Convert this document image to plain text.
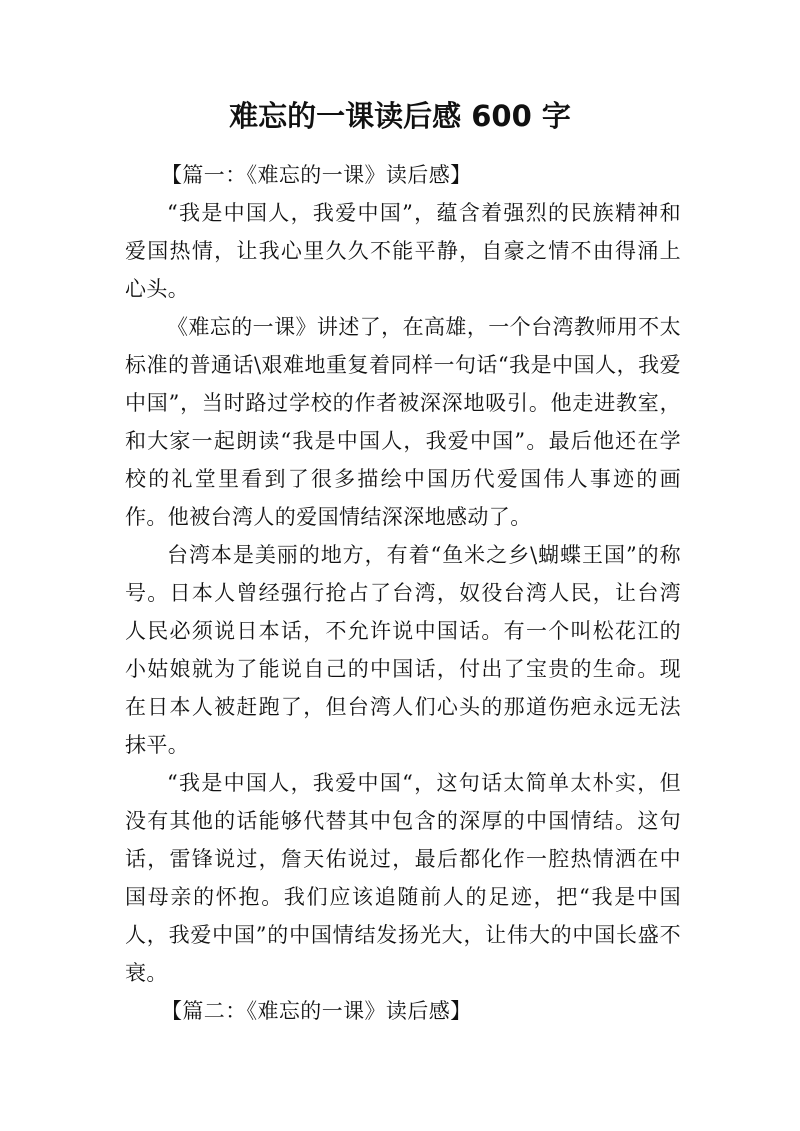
难忘的一课读后感 600 字

【篇一：《难忘的一课》读后感】

“我是中国人，我爱中国”，蕴含着强烈的民族精神和爱国热情，让我心里久久不能平静，自豪之情不由得涌上心头。

《难忘的一课》讲述了，在高雄，一个台湾教师用不太标准的普通话\艰难地重复着同样一句话“我是中国人，我爱中国”，当时路过学校的作者被深深地吸引。他走进教室，和大家一起朗读“我是中国人，我爱中国”。最后他还在学校的礼堂里看到了很多描绘中国历代爱国伟人事迹的画作。他被台湾人的爱国情结深深地感动了。

台湾本是美丽的地方，有着“鱼米之乡\蝴蝶王国”的称号。日本人曾经强行抢占了台湾，奴役台湾人民，让台湾人民必须说日本话，不允许说中国话。有一个叫松花江的小姑娘就为了能说自己的中国话，付出了宝贵的生命。现在日本人被赶跑了，但台湾人们心头的那道伤疤永远无法抹平。

“我是中国人，我爱中国“，这句话太简单太朴实，但没有其他的话能够代替其中包含的深厚的中国情结。这句话，雷锋说过，詹天佑说过，最后都化作一腔热情洒在中国母亲的怀抱。我们应该追随前人的足迹，把“我是中国人，我爱中国”的中国情结发扬光大，让伟大的中国长盛不衰。

【篇二：《难忘的一课》读后感】
